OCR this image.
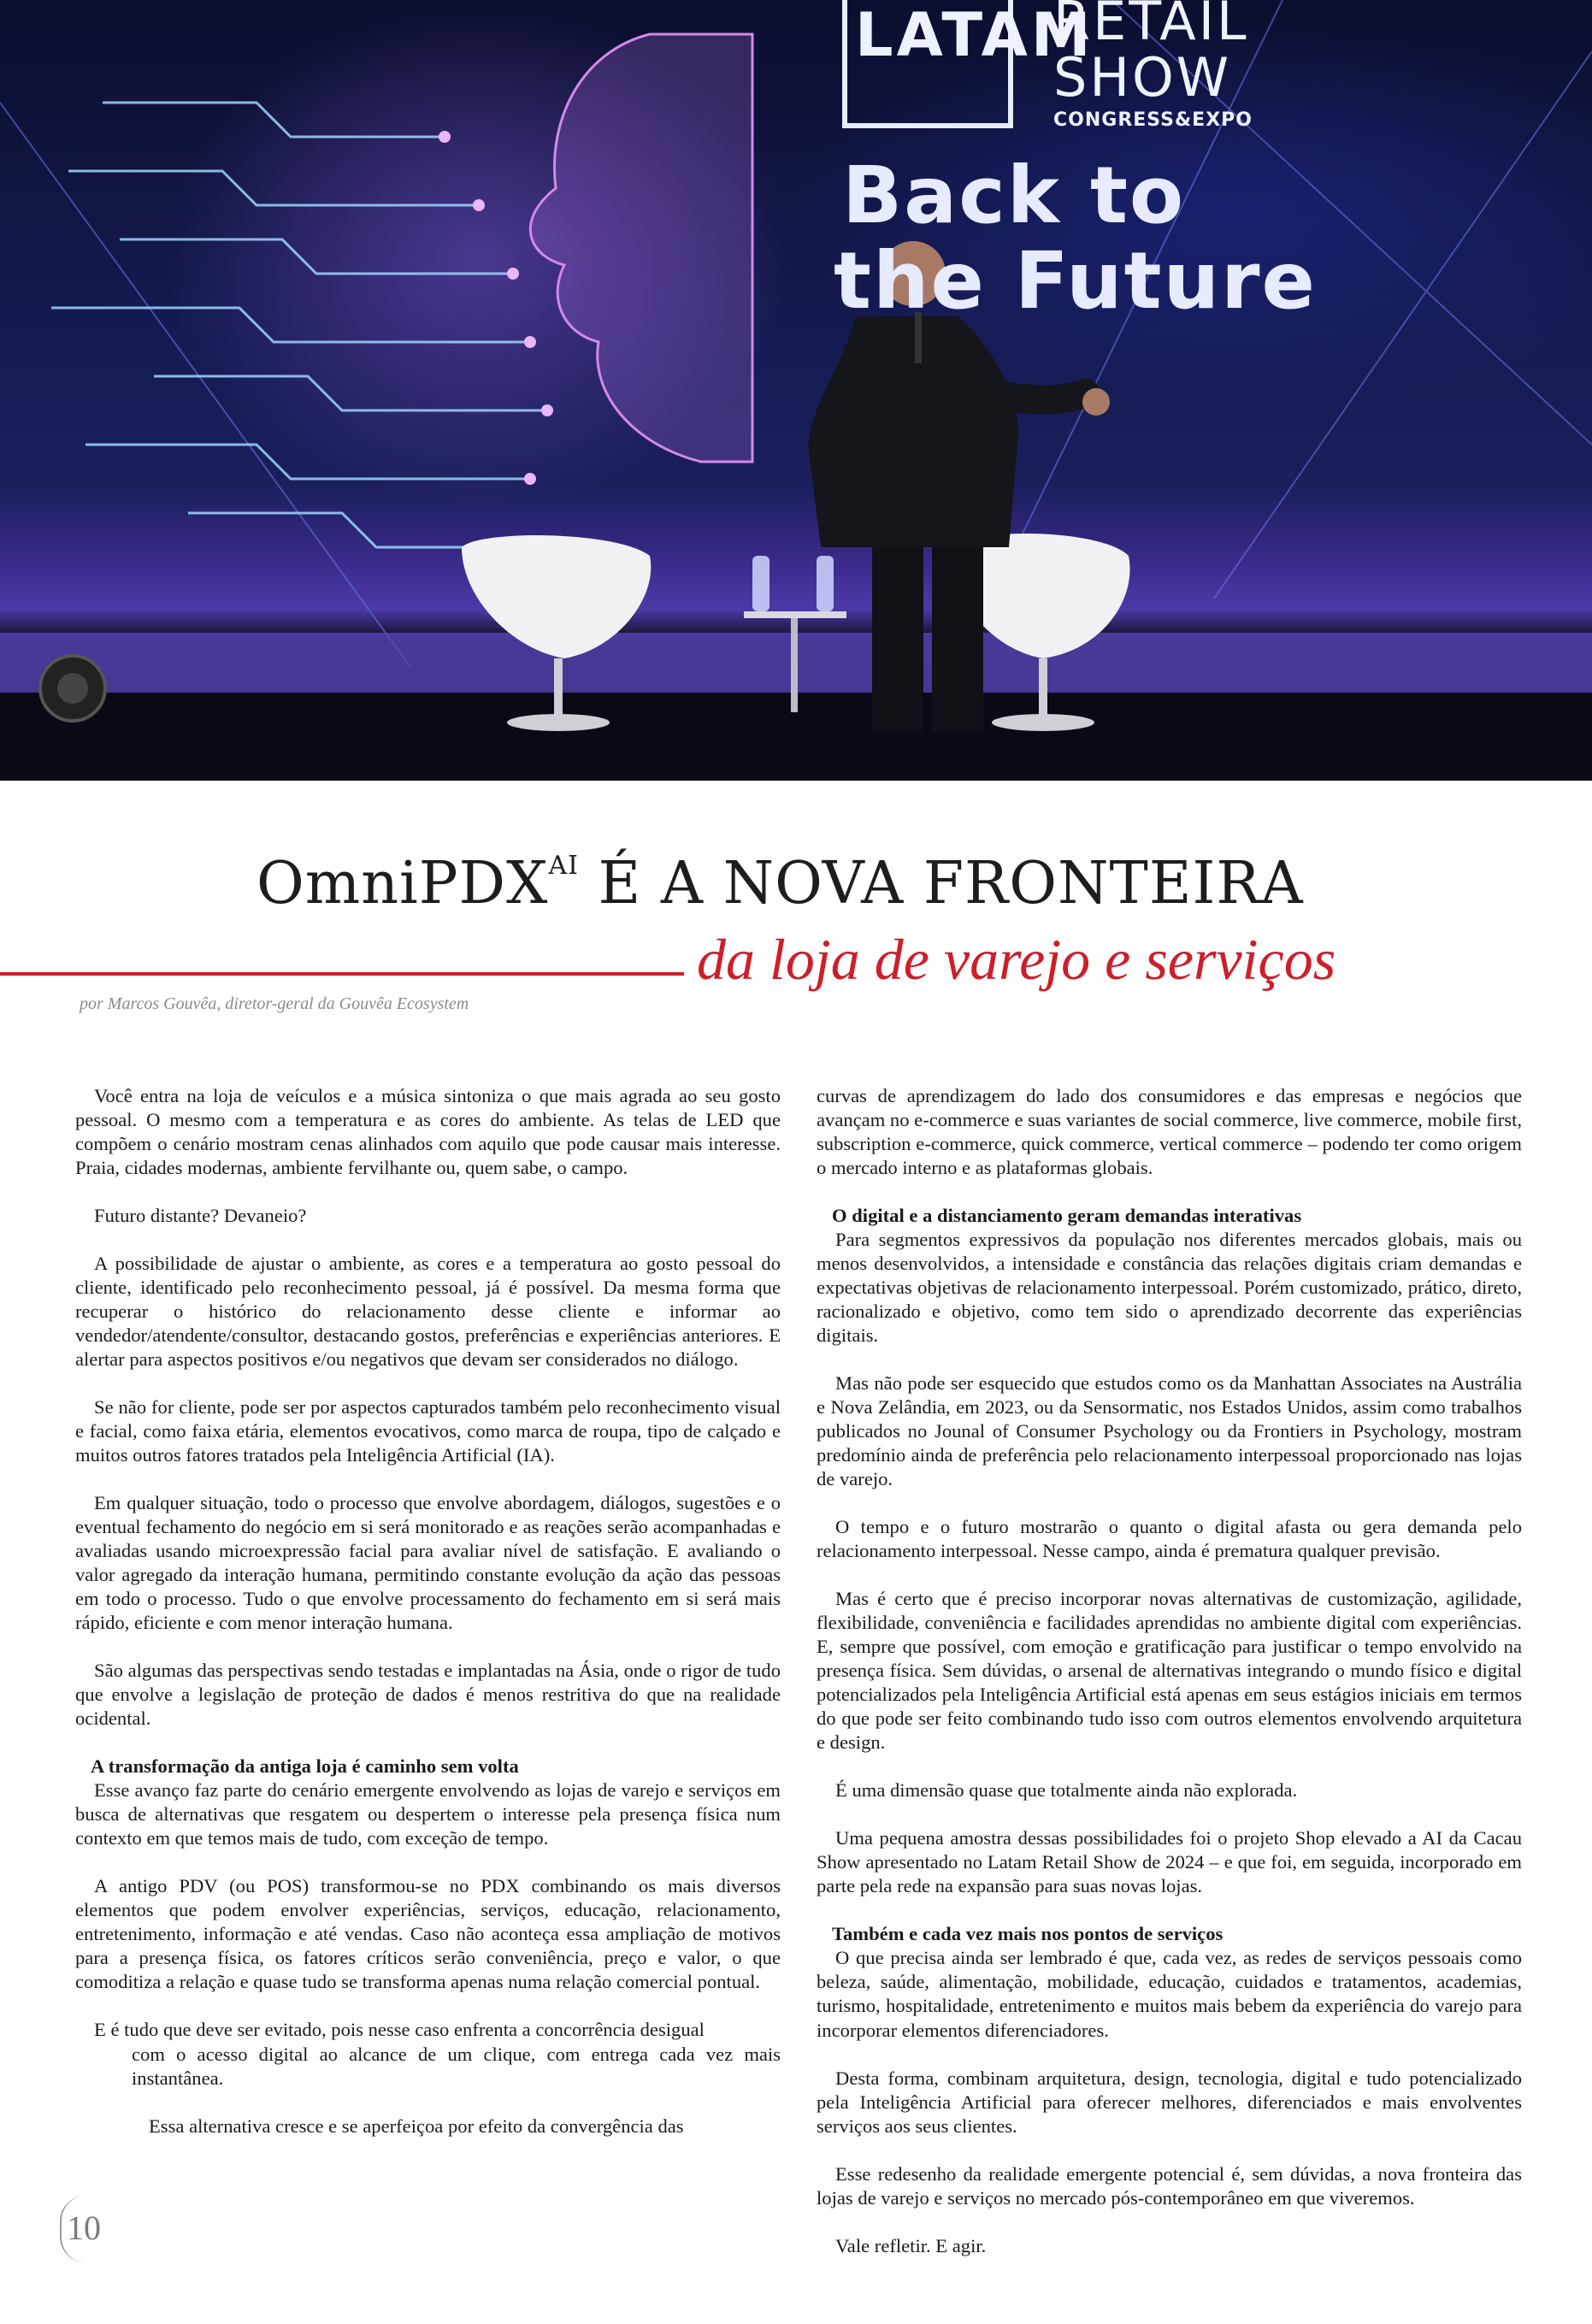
LATAM
RETAIL
SHOW
CONGRESS&EXPO
Back to
the Future
OmniPDX$^{AI}$ É A NOVA FRONTEIRA
da loja de varejo e serviços
por Marcos Gouvêa, diretor-geral da Gouvêa Ecosystem

Você entra na loja de veículos e a música sintoniza o que mais agrada ao seu gosto pessoal. O mesmo com a temperatura e as cores do ambiente. As telas de LED que compõem o cenário mostram cenas alinhados com aquilo que pode causar mais interesse. Praia, cidades modernas, ambiente fervilhante ou, quem sabe, o campo.

Futuro distante? Devaneio?

A possibilidade de ajustar o ambiente, as cores e a temperatura ao gosto pessoal do cliente, identificado pelo reconhecimento pessoal, já é possível. Da mesma forma que recuperar o histórico do relacionamento desse cliente e informar ao vendedor/atendente/consultor, destacando gostos, preferências e experiências anteriores. E alertar para aspectos positivos e/ou negativos que devam ser considerados no diálogo.

Se não for cliente, pode ser por aspectos capturados também pelo reconhecimento visual e facial, como faixa etária, elementos evocativos, como marca de roupa, tipo de calçado e muitos outros fatores tratados pela Inteligência Artificial (IA).

Em qualquer situação, todo o processo que envolve abordagem, diálogos, sugestões e o eventual fechamento do negócio em si será monitorado e as reações serão acompanhadas e avaliadas usando microexpressão facial para avaliar nível de satisfação. E avaliando o valor agregado da interação humana, permitindo constante evolução da ação das pessoas em todo o processo. Tudo o que envolve processamento do fechamento em si será mais rápido, eficiente e com menor interação humana.

São algumas das perspectivas sendo testadas e implantadas na Ásia, onde o rigor de tudo que envolve a legislação de proteção de dados é menos restritiva do que na realidade ocidental.

A transformação da antiga loja é caminho sem volta

Esse avanço faz parte do cenário emergente envolvendo as lojas de varejo e serviços em busca de alternativas que resgatem ou despertem o interesse pela presença física num contexto em que temos mais de tudo, com exceção de tempo.

A antigo PDV (ou POS) transformou-se no PDX combinando os mais diversos elementos que podem envolver experiências, serviços, educação, relacionamento, entretenimento, informação e até vendas. Caso não aconteça essa ampliação de motivos para a presença física, os fatores críticos serão conveniência, preço e valor, o que comoditiza a relação e quase tudo se transforma apenas numa relação comercial pontual.

E é tudo que deve ser evitado, pois nesse caso enfrenta a concorrência desigual

com o acesso digital ao alcance de um clique, com entrega cada vez mais instantânea.

Essa alternativa cresce e se aperfeiçoa por efeito da convergência das

curvas de aprendizagem do lado dos consumidores e das empresas e negócios que avançam no e-commerce e suas variantes de social commerce, live commerce, mobile first, subscription e-commerce, quick commerce, vertical commerce – podendo ter como origem o mercado interno e as plataformas globais.

O digital e a distanciamento geram demandas interativas

Para segmentos expressivos da população nos diferentes mercados globais, mais ou menos desenvolvidos, a intensidade e constância das relações digitais criam demandas e expectativas objetivas de relacionamento interpessoal. Porém customizado, prático, direto, racionalizado e objetivo, como tem sido o aprendizado decorrente das experiências digitais.

Mas não pode ser esquecido que estudos como os da Manhattan Associates na Austrália e Nova Zelândia, em 2023, ou da Sensormatic, nos Estados Unidos, assim como trabalhos publicados no Jounal of Consumer Psychology ou da Frontiers in Psychology, mostram predomínio ainda de preferência pelo relacionamento interpessoal proporcionado nas lojas de varejo.

O tempo e o futuro mostrarão o quanto o digital afasta ou gera demanda pelo relacionamento interpessoal. Nesse campo, ainda é prematura qualquer previsão.

Mas é certo que é preciso incorporar novas alternativas de customização, agilidade, flexibilidade, conveniência e facilidades aprendidas no ambiente digital com experiências. E, sempre que possível, com emoção e gratificação para justificar o tempo envolvido na presença física. Sem dúvidas, o arsenal de alternativas integrando o mundo físico e digital potencializados pela Inteligência Artificial está apenas em seus estágios iniciais em termos do que pode ser feito combinando tudo isso com outros elementos envolvendo arquitetura e design.

É uma dimensão quase que totalmente ainda não explorada.

Uma pequena amostra dessas possibilidades foi o projeto Shop elevado a AI da Cacau Show apresentado no Latam Retail Show de 2024 – e que foi, em seguida, incorporado em parte pela rede na expansão para suas novas lojas.

Também e cada vez mais nos pontos de serviços

O que precisa ainda ser lembrado é que, cada vez, as redes de serviços pessoais como beleza, saúde, alimentação, mobilidade, educação, cuidados e tratamentos, academias, turismo, hospitalidade, entretenimento e muitos mais bebem da experiência do varejo para incorporar elementos diferenciadores.

Desta forma, combinam arquitetura, design, tecnologia, digital e tudo potencializado pela Inteligência Artificial para oferecer melhores, diferenciados e mais envolventes serviços aos seus clientes.

Esse redesenho da realidade emergente potencial é, sem dúvidas, a nova fronteira das lojas de varejo e serviços no mercado pós-contemporâneo em que viveremos.

Vale refletir. E agir.

10
